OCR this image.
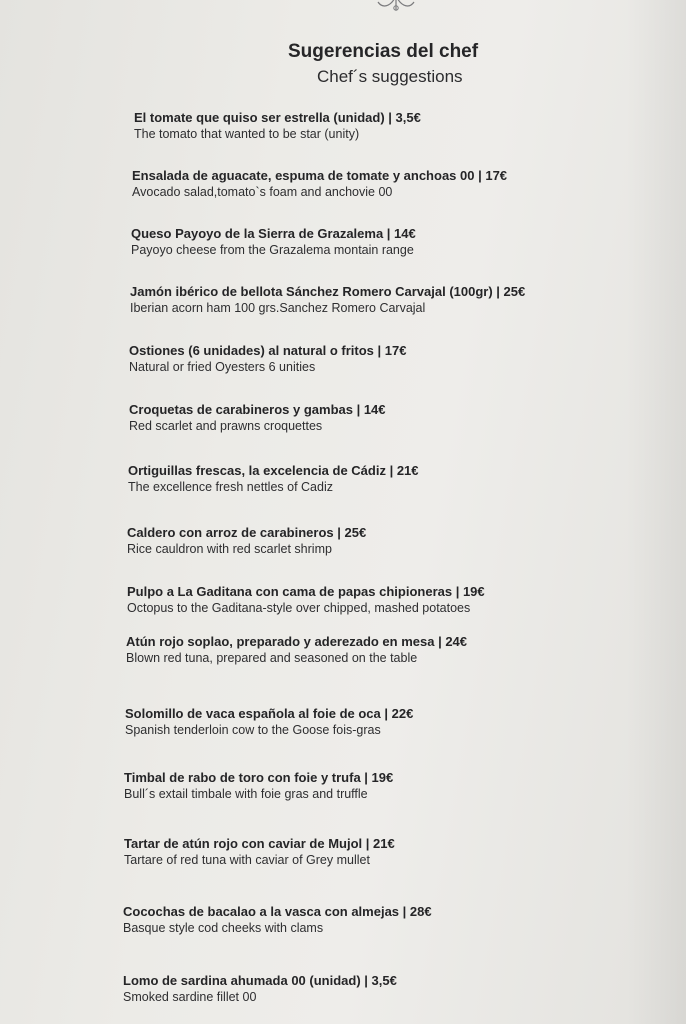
Sugerencias del chef
Chef´s suggestions
El tomate que quiso ser estrella (unidad) | 3,5€
The tomato that wanted to be star (unity)
Ensalada de aguacate, espuma de tomate y anchoas 00 | 17€
Avocado salad,tomato`s foam and anchovie 00
Queso Payoyo de la Sierra de Grazalema | 14€
Payoyo cheese from the Grazalema montain range
Jamón ibérico de bellota Sánchez Romero Carvajal (100gr) | 25€
Iberian acorn ham 100 grs.Sanchez Romero Carvajal
Ostiones (6 unidades) al natural o fritos | 17€
Natural or fried Oyesters 6 unities
Croquetas de carabineros y gambas | 14€
Red scarlet and prawns croquettes
Ortiguillas frescas, la excelencia de Cádiz | 21€
The excellence fresh nettles of Cadiz
Caldero con arroz de carabineros | 25€
Rice cauldron with red scarlet shrimp
Pulpo a La Gaditana con cama de papas chipioneras | 19€
Octopus to the Gaditana-style over chipped, mashed potatoes
Atún rojo soplao, preparado y aderezado en mesa | 24€
Blown red tuna, prepared and seasoned on the table
Solomillo de vaca española al foie de oca | 22€
Spanish tenderloin cow to the Goose fois-gras
Timbal de rabo de toro con foie y trufa | 19€
Bull´s extail timbale with foie gras and truffle
Tartar de atún rojo con caviar de Mujol | 21€
Tartare of red tuna with caviar of Grey mullet
Cocochas de bacalao a la vasca con almejas | 28€
Basque style cod cheeks with clams
Lomo de sardina ahumada 00 (unidad) | 3,5€
Smoked sardine fillet 00
